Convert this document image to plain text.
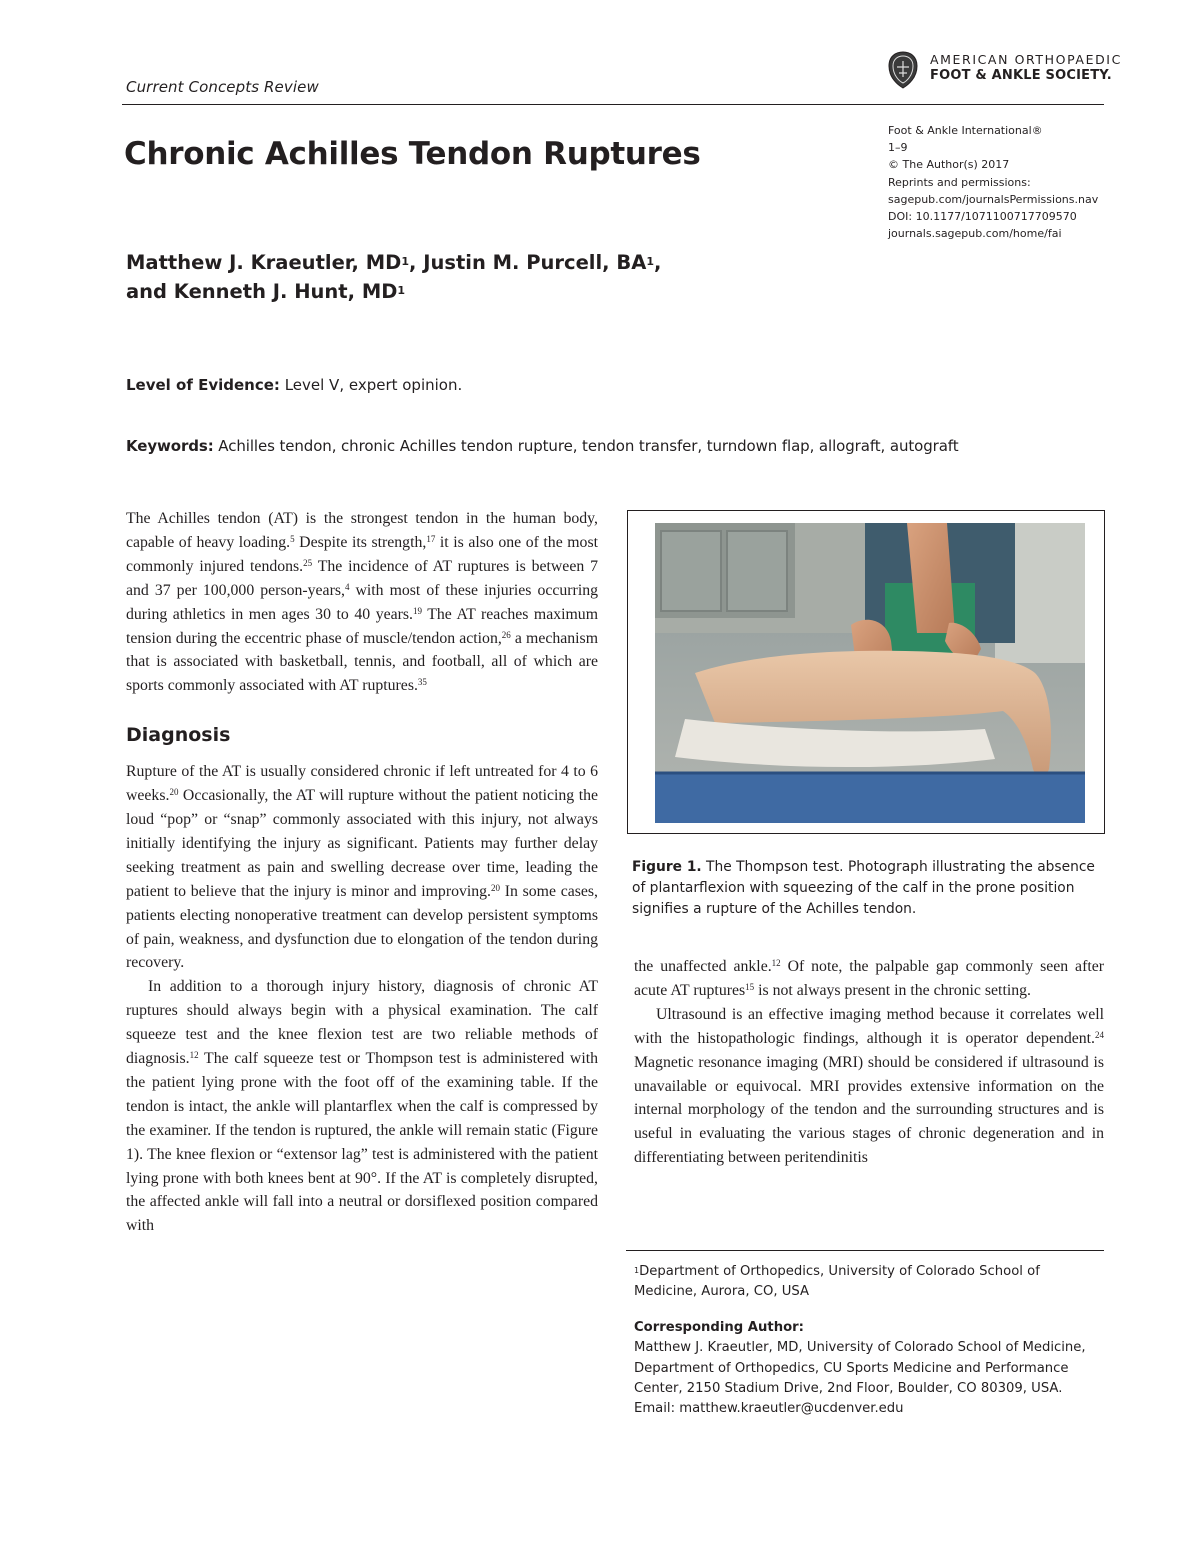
Current Concepts Review
AMERICAN ORTHOPAEDIC
FOOT & ANKLE SOCIETY.
Foot & Ankle International®
1–9
© The Author(s) 2017
Reprints and permissions:
sagepub.com/journalsPermissions.nav
DOI: 10.1177/1071100717709570
journals.sagepub.com/home/fai
Chronic Achilles Tendon Ruptures
Matthew J. Kraeutler, $MD^1$, Justin M. Purcell, $BA^1$,
and Kenneth J. Hunt, $MD^1$
Level of Evidence: Level V, expert opinion.
Keywords: Achilles tendon, chronic Achilles tendon rupture, tendon transfer, turndown flap, allograft, autograft

The Achilles tendon (AT) is the strongest tendon in the human body, capable of heavy loading.$^5$ Despite its strength,$^{17}$ it is also one of the most commonly injured tendons.$^{25}$ The incidence of AT ruptures is between 7 and 37 per 100,000 person-years,$^4$ with most of these injuries occurring during athletics in men ages 30 to 40 years.$^{19}$ The AT reaches maximum tension during the eccentric phase of muscle/tendon action,$^{26}$ a mechanism that is associated with basketball, tennis, and football, all of which are sports commonly associated with AT ruptures.$^{35}$

Diagnosis

Rupture of the AT is usually considered chronic if left untreated for 4 to 6 weeks.$^{20}$ Occasionally, the AT will rupture without the patient noticing the loud “pop” or “snap” commonly associated with this injury, not always initially identifying the injury as significant. Patients may further delay seeking treatment as pain and swelling decrease over time, leading the patient to believe that the injury is minor and improving.$^{20}$ In some cases, patients electing nonoperative treatment can develop persistent symptoms of pain, weakness, and dysfunction due to elongation of the tendon during recovery.

In addition to a thorough injury history, diagnosis of chronic AT ruptures should always begin with a physical examination. The calf squeeze test and the knee flexion test are two reliable methods of diagnosis.$^{12}$ The calf squeeze test or Thompson test is administered with the patient lying prone with the foot off of the examining table. If the tendon is intact, the ankle will plantarflex when the calf is compressed by the examiner. If the tendon is ruptured, the ankle will remain static (Figure 1). The knee flexion or “extensor lag” test is administered with the patient lying prone with both knees bent at 90°. If the AT is completely disrupted, the affected ankle will fall into a neutral or dorsiflexed position compared with

Figure 1. The Thompson test. Photograph illustrating the absence of plantarflexion with squeezing of the calf in the prone position signifies a rupture of the Achilles tendon.

the unaffected ankle.$^{12}$ Of note, the palpable gap commonly seen after acute AT ruptures$^{15}$ is not always present in the chronic setting.

Ultrasound is an effective imaging method because it correlates well with the histopathologic findings, although it is operator dependent.$^{24}$ Magnetic resonance imaging (MRI) should be considered if ultrasound is unavailable or equivocal. MRI provides extensive information on the internal morphology of the tendon and the surrounding structures and is useful in evaluating the various stages of chronic degeneration and in differentiating between peritendinitis

$^1$Department of Orthopedics, University of Colorado School of Medicine, Aurora, CO, USA

Corresponding Author:

Matthew J. Kraeutler, MD, University of Colorado School of Medicine,

Department of Orthopedics, CU Sports Medicine and Performance

Center, 2150 Stadium Drive, 2nd Floor, Boulder, CO 80309, USA.

Email: matthew.kraeutler@ucdenver.edu
